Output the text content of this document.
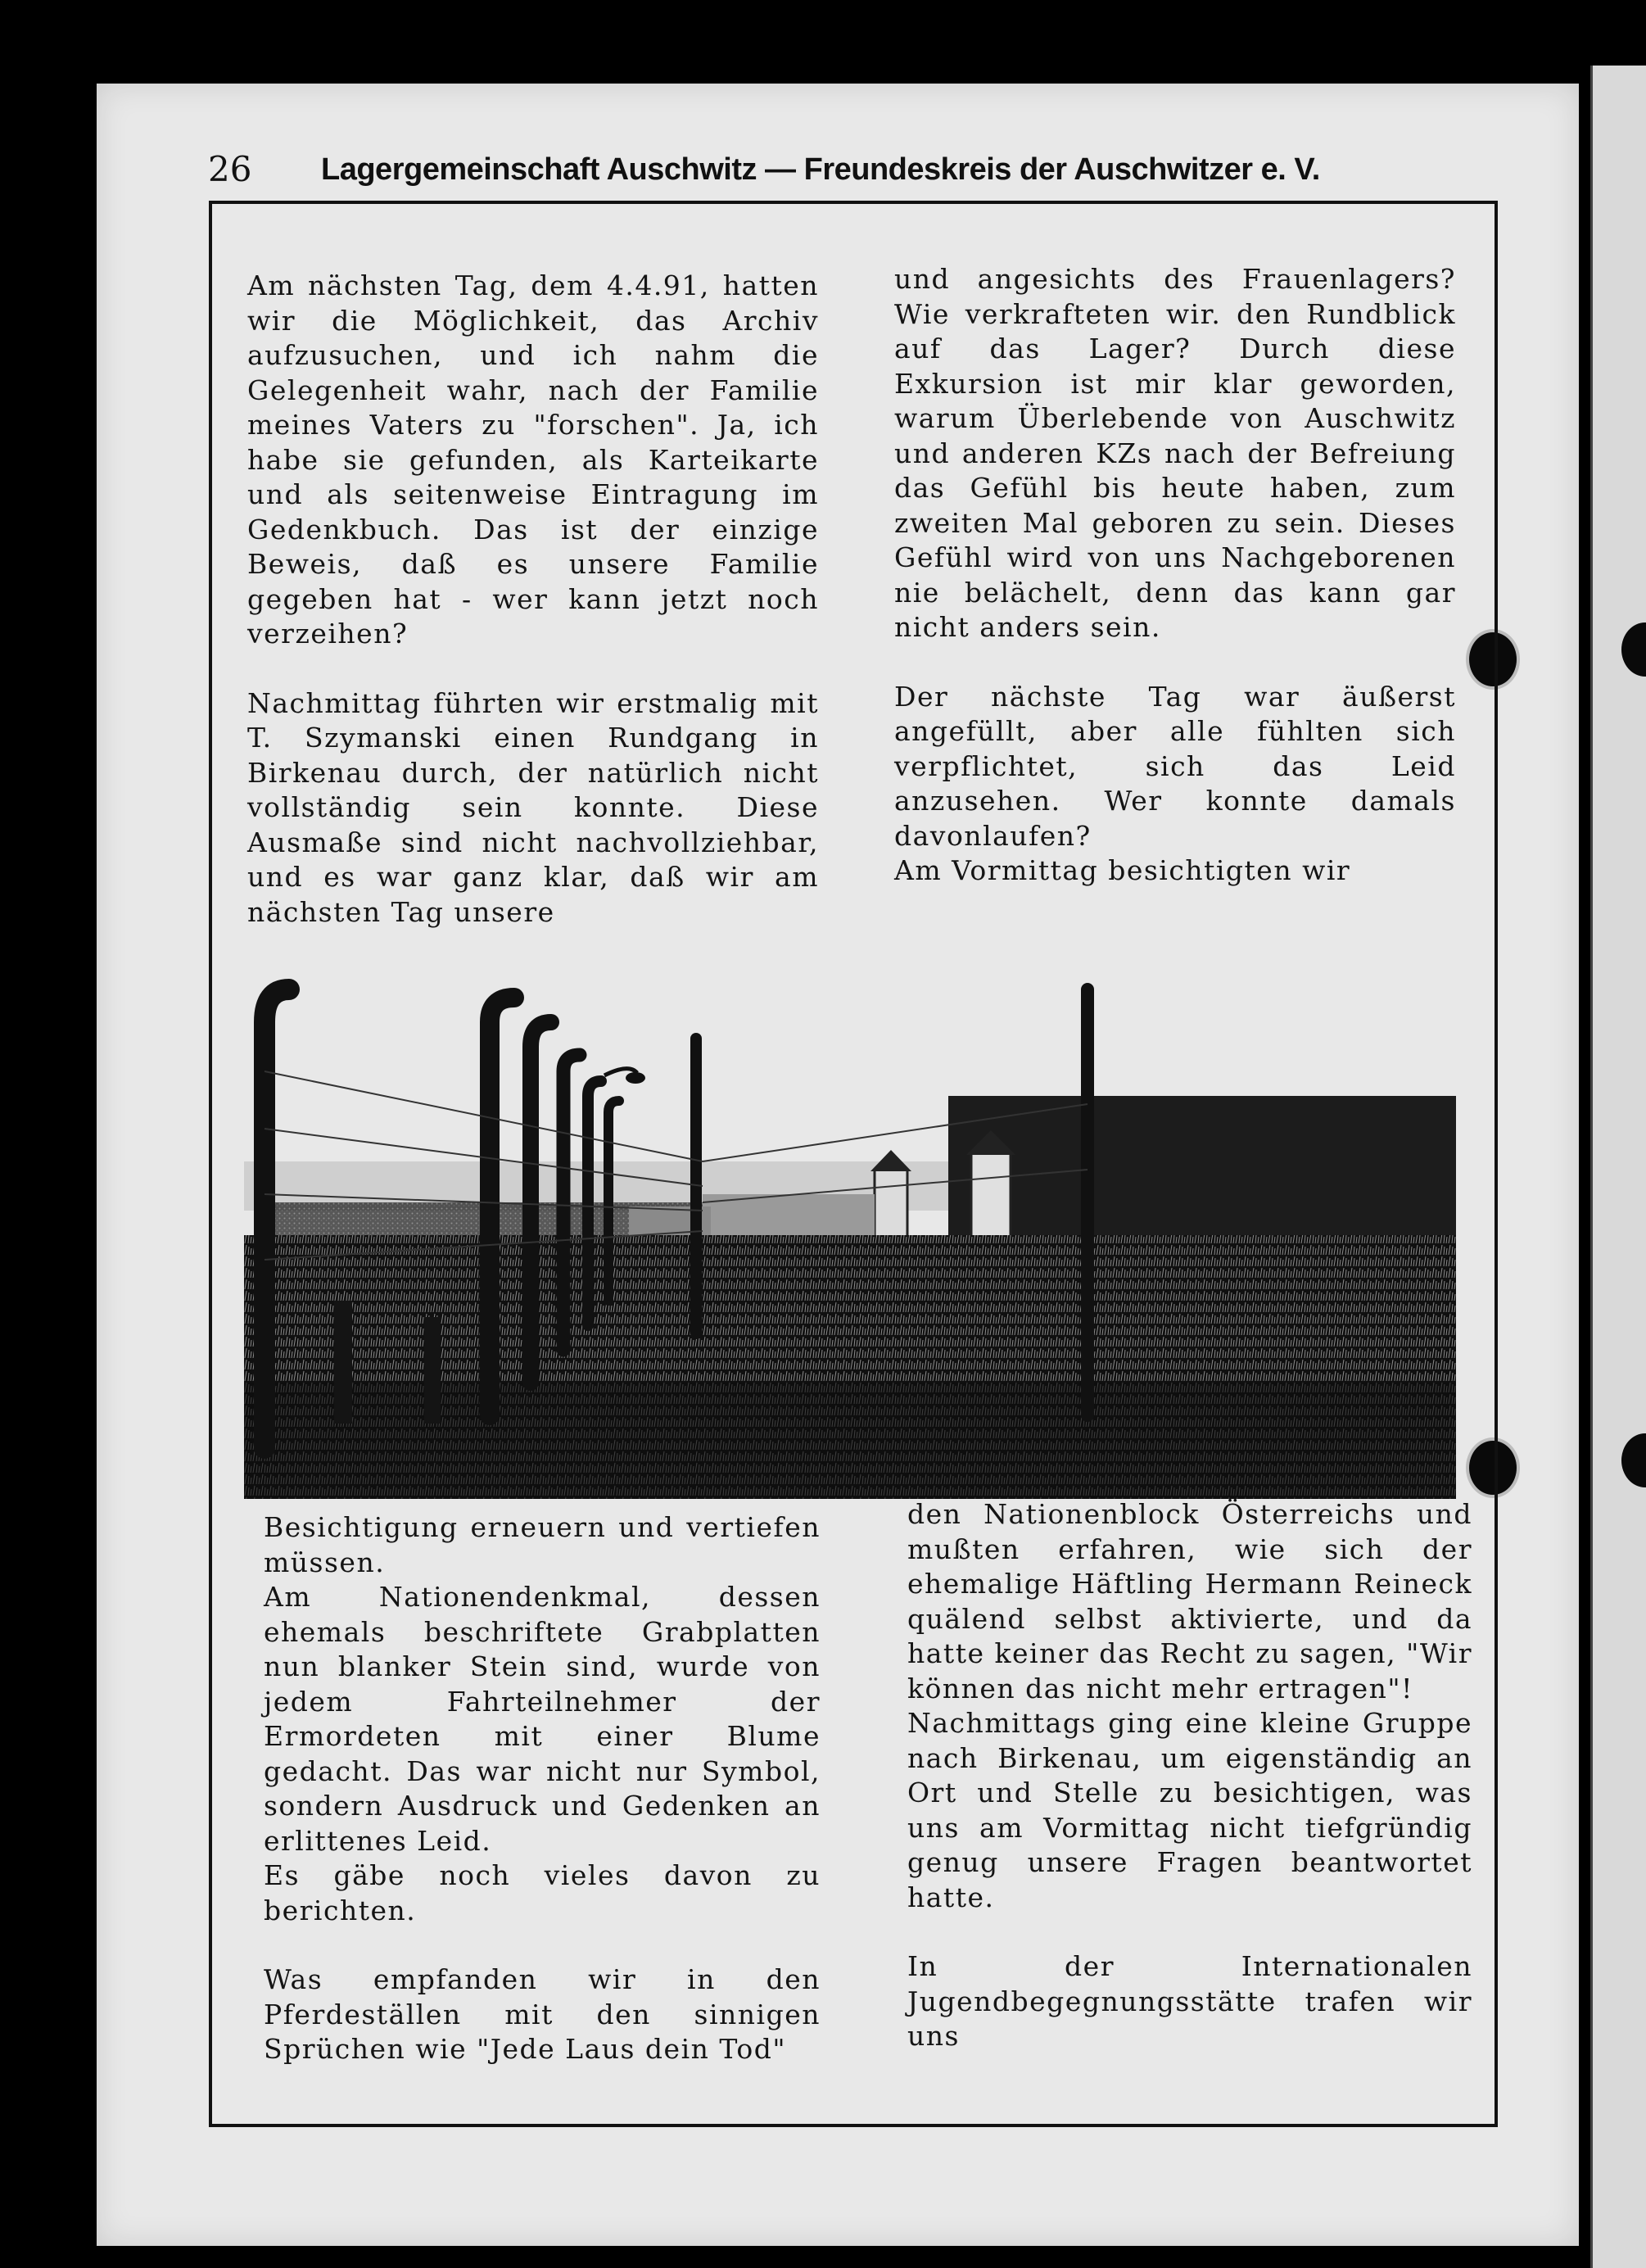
26 Lagergemeinschaft Auschwitz — Freundeskreis der Auschwitzer e. V.

Am nächsten Tag, dem 4.4.91, hatten wir die Möglichkeit, das Archiv aufzusuchen, und ich nahm die Gelegenheit wahr, nach der Familie meines Vaters zu "forschen". Ja, ich habe sie gefunden, als Karteikarte und als seitenweise Eintragung im Gedenkbuch. Das ist der einzige Beweis, daß es unsere Familie gegeben hat - wer kann jetzt noch verzeihen?

Nachmittag führten wir erstmalig mit T. Szymanski einen Rundgang in Birkenau durch, der natürlich nicht vollständig sein konnte. Diese Ausmaße sind nicht nachvollziehbar, und es war ganz klar, daß wir am nächsten Tag unsere

und angesichts des Frauenlagers? Wie verkrafteten wir. den Rundblick auf das Lager? Durch diese Exkursion ist mir klar geworden, warum Überlebende von Auschwitz und anderen KZs nach der Befreiung das Gefühl bis heute haben, zum zweiten Mal geboren zu sein. Dieses Gefühl wird von uns Nachgeborenen nie belächelt, denn das kann gar nicht anders sein.

Der nächste Tag war äußerst angefüllt, aber alle fühlten sich verpflichtet, sich das Leid anzusehen. Wer konnte damals davonlaufen?

Am Vormittag besichtigten wir

Besichtigung erneuern und vertiefen müssen.

Am Nationendenkmal, dessen ehemals beschriftete Grabplatten nun blanker Stein sind, wurde von jedem Fahrteilnehmer der Ermordeten mit einer Blume gedacht. Das war nicht nur Symbol, sondern Ausdruck und Gedenken an erlittenes Leid.

Es gäbe noch vieles davon zu berichten.

Was empfanden wir in den Pferdeställen mit den sinnigen Sprüchen wie "Jede Laus dein Tod"

den Nationenblock Österreichs und mußten erfahren, wie sich der ehemalige Häftling Hermann Reineck quälend selbst aktivierte, und da hatte keiner das Recht zu sagen, "Wir können das nicht mehr ertragen"!

Nachmittags ging eine kleine Gruppe nach Birkenau, um eigenständig an Ort und Stelle zu besichtigen, was uns am Vormittag nicht tiefgründig genug unsere Fragen beantwortet hatte.

In der Internationalen Jugendbegegnungsstätte trafen wir uns
